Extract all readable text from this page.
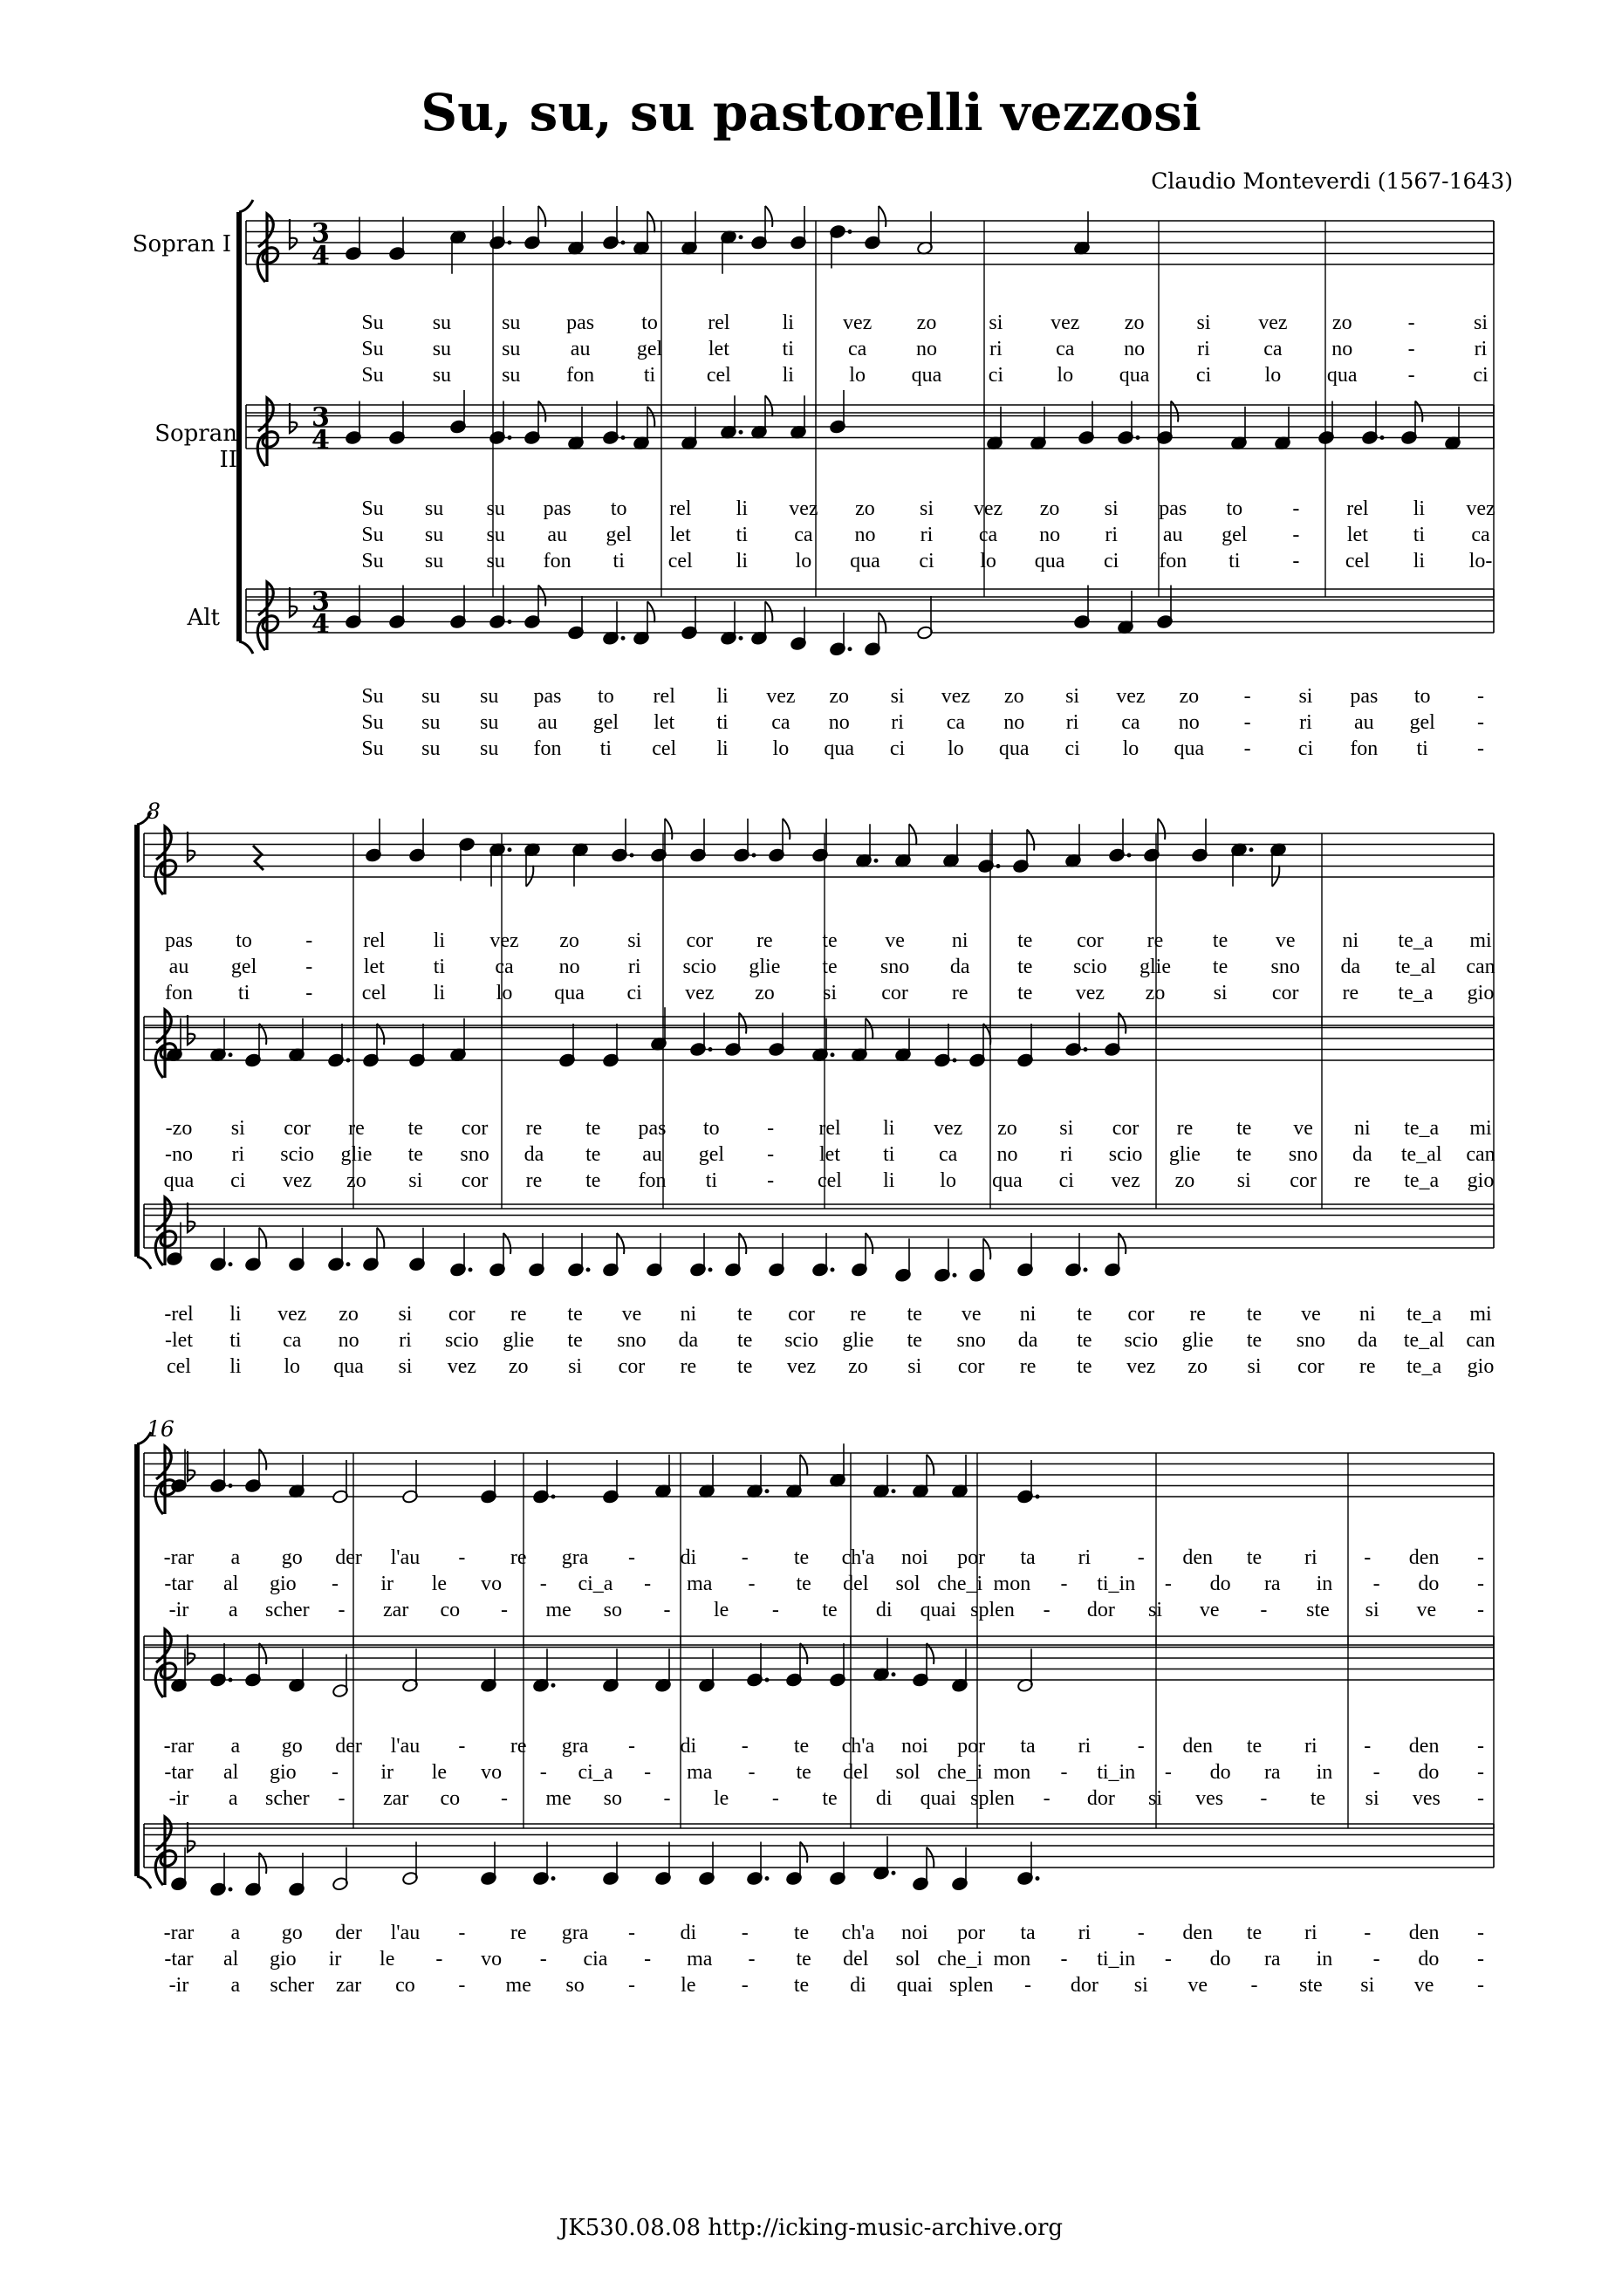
Su, su, su pastorelli vezzosi
Claudio Monteverdi (1567-1643)
Sopran I
Sopran II
Alt
8
16
3
4
Su su su pas to rel	li vez zo	si vez zo	si vez zo	-	si
Su su su au gel let	ti	ca no	ri	ca no	ri	ca no	-	ri
Su su su fon ti cel li	lo qua ci	lo qua ci	lo qua -	ci
3
4
Su su su pas to rel li vez zo si vez zo si pas to - rel li vez
Su su su au gel let ti ca no ri ca no ri au gel - let ti ca
Su su su fon ti cel li lo qua ci lo qua ci fon ti - cel li lo-
3
4
Su su su pas to rel li vez zo si vez zo si vez zo - si pas to -
Su su su au gel let ti ca no ri ca no ri ca no - ri au gel -
Su su su fon ti cel li lo qua ci lo qua ci lo qua - ci fon ti -
pas to	- rel li vez zo si cor re te ve ni te cor re te ve ni te_a mi
au gel - let ti ca no ri scio glie te sno da te scio glie te sno da te_al can
fon ti	- cel li lo qua ci vez zo si cor re te vez zo si cor re te_a gio
-zo si cor re te cor re te pas to - rel li vez zo si cor re te ve ni te_a mi
-no ri scio glie te sno da te au gel - let ti ca no ri scio glie te sno da te_al can
qua ci vez zo si cor re te fon ti - cel li lo qua ci vez zo si cor re te_a gio
-rel li vez zo si cor re te ve ni te cor re te ve ni te cor re te ve ni te_a mi
-let ti ca no ri scio glie te sno da te scio glie te sno da te scio glie te sno da te_al can
cel li lo qua si vez zo si cor re te vez zo si cor re te vez zo si cor re te_a gio
-rar a go der l'au - re gra - di - te ch'a noi por ta ri - den te ri - den -
-tar al gio - ir le vo - ci_a - ma - te del sol che_i mon - ti_in - do ra in - do -
-ir a scher - zar co - me so - le - te di quai splen - dor si ve - ste si ve -
-rar a go der l'au - re gra - di - te ch'a noi por ta ri - den te ri - den -
-tar al gio - ir le vo - ci_a - ma - te del sol che_i mon - ti_in - do ra in - do -
-ir a scher - zar co - me so - le - te di quai splen - dor si ves - te si ves -
-rar a go der l'au - re gra - di - te ch'a noi por ta ri - den te ri - den -
-tar al gio ir le - vo - cia - ma - te del sol che_i mon - ti_in - do ra in - do -
-ir a scher zar co - me so - le - te di quai splen - dor si ve - ste si ve -
JK530.08.08 http://icking-music-archive.org
